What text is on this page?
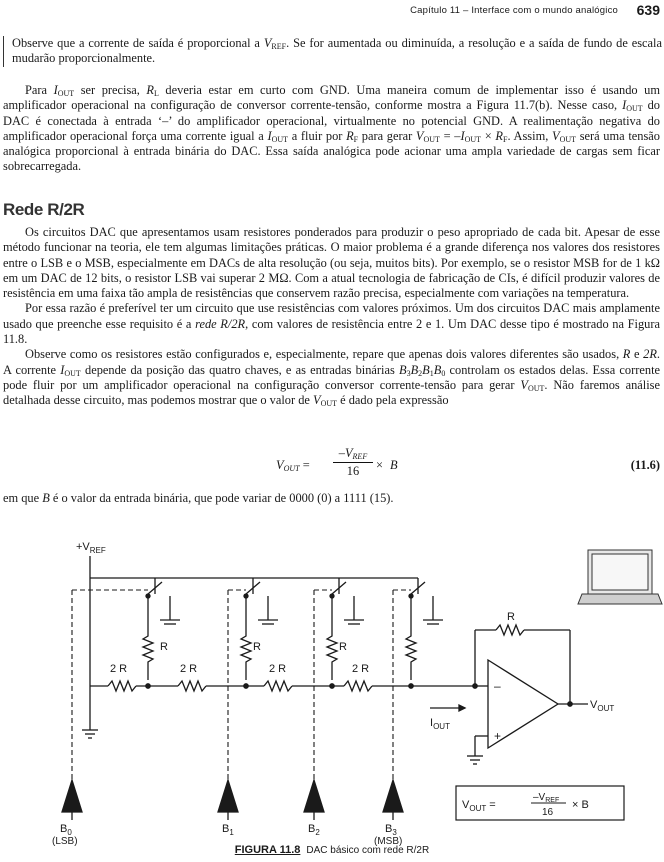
Capítulo 11 – Interface com o mundo analógico 639

Observe que a corrente de saída é proporcional a $V_{REF}$. Se for aumentada ou diminuída, a resolução e a saída de fundo de escala mudarão proporcionalmente.

Para $I_{OUT}$ ser precisa, $R_L$ deveria estar em curto com GND. Uma maneira comum de implementar isso é usando um amplificador operacional na configuração de conversor corrente-tensão, conforme mostra a Figura 11.7(b). Nesse caso, $I_{OUT}$ do DAC é conectada à entrada ‘–’ do amplificador operacional, virtualmente no potencial GND. A realimentação negativa do amplificador operacional força uma corrente igual a $I_{OUT}$ a fluir por $R_F$ para gerar $V_{OUT} = -I_{OUT} \times R_F$. Assim, $V_{OUT}$ será uma tensão analógica proporcional à entrada binária do DAC. Essa saída analógica pode acionar uma ampla variedade de cargas sem ficar sobrecarregada.

Rede R/2R

Os circuitos DAC que apresentamos usam resistores ponderados para produzir o peso apropriado de cada bit. Apesar de esse método funcionar na teoria, ele tem algumas limitações práticas. O maior problema é a grande diferença nos valores dos resistores entre o LSB e o MSB, especialmente em DACs de alta resolução (ou seja, muitos bits). Por exemplo, se o resistor MSB for de 1 kΩ em um DAC de 12 bits, o resistor LSB vai superar 2 MΩ. Com a atual tecnologia de fabricação de CIs, é difícil produzir valores de resistência em uma faixa tão ampla de resistências que conservem razão precisa, especialmente com variações na temperatura.

Por essa razão é preferível ter um circuito que use resistências com valores próximos. Um dos circuitos DAC mais amplamente usado que preenche esse requisito é a rede R/2R, com valores de resistência entre 2 e 1. Um DAC desse tipo é mostrado na Figura 11.8.

Observe como os resistores estão configurados e, especialmente, repare que apenas dois valores diferentes são usados, R e 2R. A corrente $I_{OUT}$ depende da posição das quatro chaves, e as entradas binárias $B_3B_2B_1B_0$ controlam os estados delas. Essa corrente pode fluir por um amplificador operacional na configuração conversor corrente-tensão para gerar $V_{OUT}$. Não faremos análise detalhada desse circuito, mas podemos mostrar que o valor de $V_{OUT}$ é dado pela expressão

$V_{OUT}$ =
$-V_{REF}$
16	× B	(11.6)

em que B é o valor da entrada binária, que pode variar de 0000 (0) a 1111 (15).

$+V_{REF}$
2 R
R
2 R
R
2 R
R
2 R
R
$I_{OUT}$
$V_{OUT}$
–
+
$B_0$
(LSB)
$B_1$	$B_2$	$B_3$
(MSB)
$V_{OUT}$ =
$-V_{REF}$
16
× B
FIGURA 11.8 DAC básico com rede R/2R
